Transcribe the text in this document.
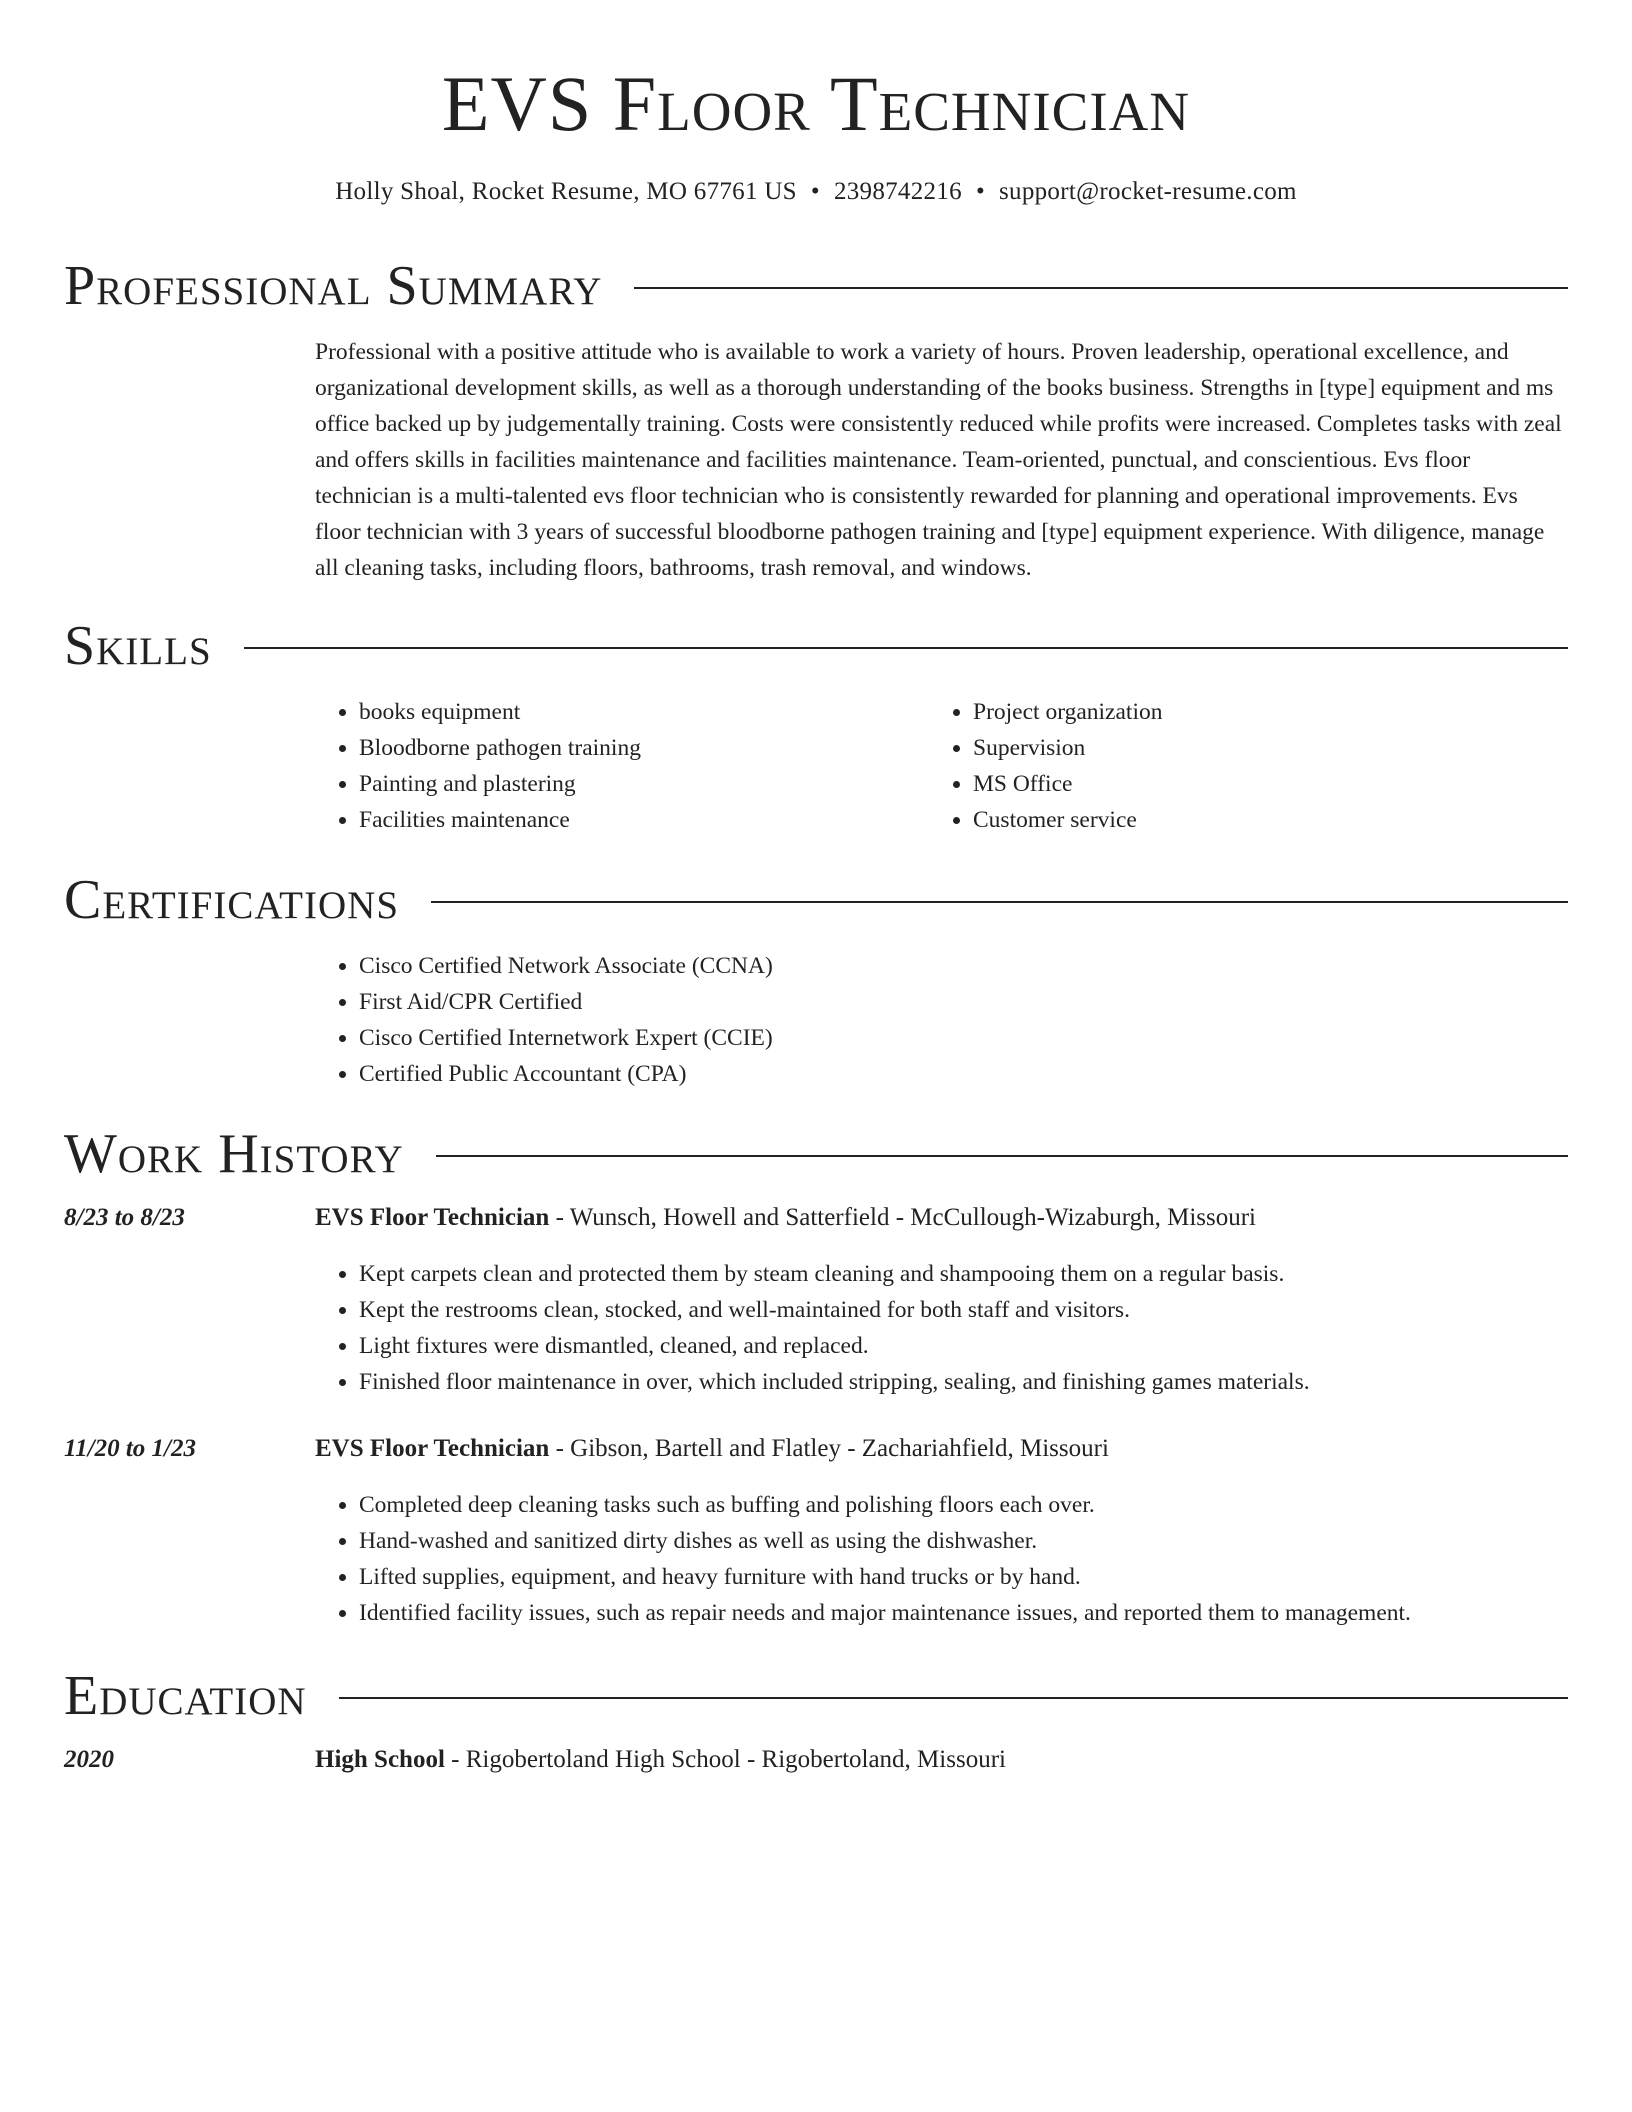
EVS Floor Technician
Holly Shoal, Rocket Resume, MO 67761 US • 2398742216 • support@rocket-resume.com
Professional Summary

Professional with a positive attitude who is available to work a variety of hours. Proven leadership, operational excellence, and organizational development skills, as well as a thorough understanding of the books business. Strengths in [type] equipment and ms office backed up by judgementally training. Costs were consistently reduced while profits were increased. Completes tasks with zeal and offers skills in facilities maintenance and facilities maintenance. Team-oriented, punctual, and conscientious. Evs floor technician is a multi-talented evs floor technician who is consistently rewarded for planning and operational improvements. Evs floor technician with 3 years of successful bloodborne pathogen training and [type] equipment experience. With diligence, manage all cleaning tasks, including floors, bathrooms, trash removal, and windows.

Skills
• books equipment
• Bloodborne pathogen training
• Painting and plastering
• Facilities maintenance
• Project organization
• Supervision
• MS Office
• Customer service
Certifications
• Cisco Certified Network Associate (CCNA)
• First Aid/CPR Certified
• Cisco Certified Internetwork Expert (CCIE)
• Certified Public Accountant (CPA)
Work History
8/23 to 8/23	EVS Floor Technician - Wunsch, Howell and Satterfield - McCullough-Wizaburgh, Missouri
• Kept carpets clean and protected them by steam cleaning and shampooing them on a regular basis.
• Kept the restrooms clean, stocked, and well-maintained for both staff and visitors.
• Light fixtures were dismantled, cleaned, and replaced.
• Finished floor maintenance in over, which included stripping, sealing, and finishing games materials.
11/20 to 1/23	EVS Floor Technician - Gibson, Bartell and Flatley - Zachariahfield, Missouri
• Completed deep cleaning tasks such as buffing and polishing floors each over.
• Hand-washed and sanitized dirty dishes as well as using the dishwasher.
• Lifted supplies, equipment, and heavy furniture with hand trucks or by hand.
• Identified facility issues, such as repair needs and major maintenance issues, and reported them to management.
Education
2020	High School - Rigobertoland High School - Rigobertoland, Missouri
